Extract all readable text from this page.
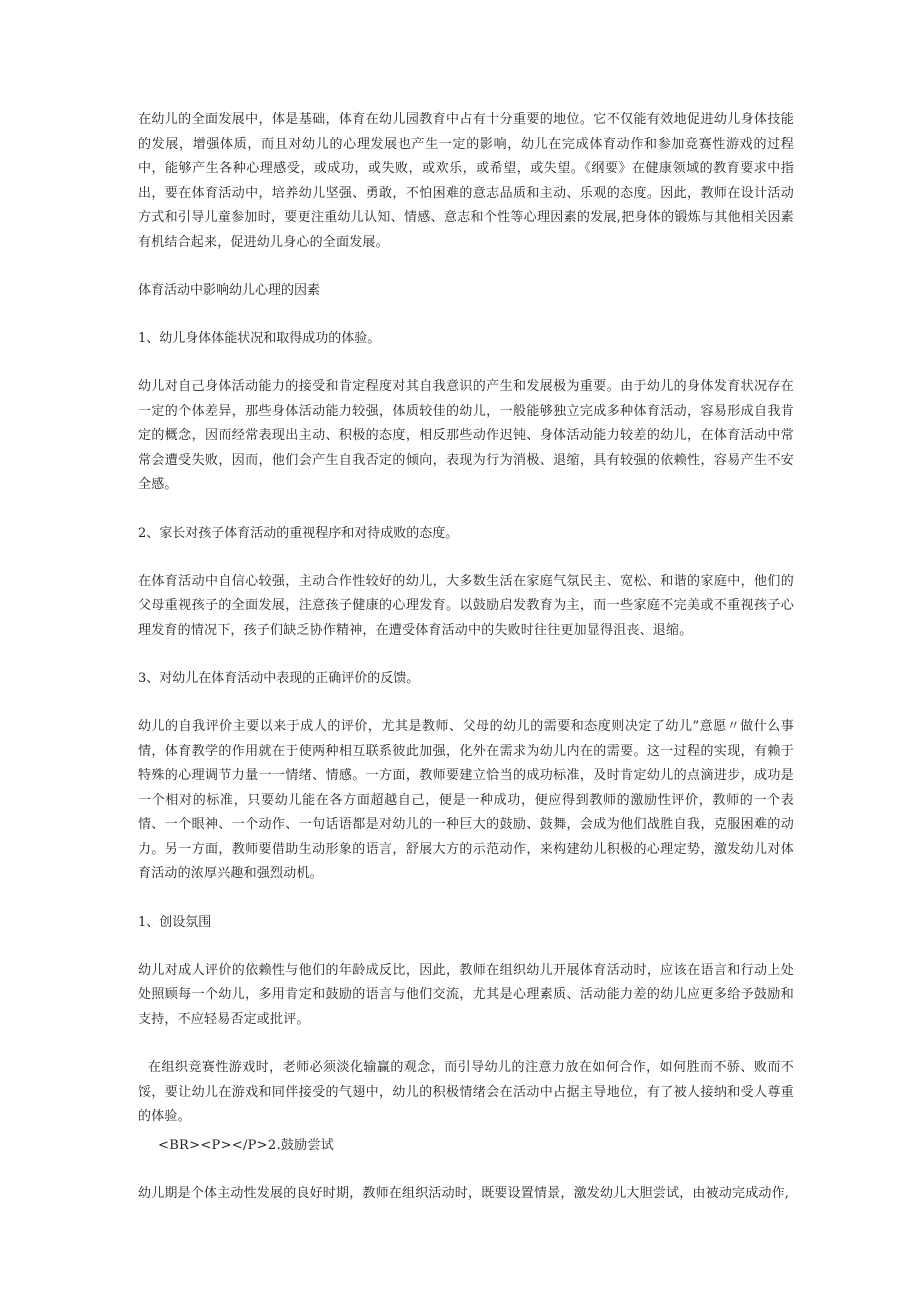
在幼儿的全面发展中，体是基础，体育在幼儿园教育中占有十分重要的地位。它不仅能有效地促进幼儿身体技能的发展，增强体质，而且对幼儿的心理发展也产生一定的影响，幼儿在完成体育动作和参加竞赛性游戏的过程中，能够产生各种心理感受，或成功，或失败，或欢乐，或希望，或失望。《纲要》在健康领域的教育要求中指出，要在体育活动中，培养幼儿坚强、勇敢，不怕困难的意志品质和主动、乐观的态度。因此，教师在设计活动方式和引导儿童参加时，要更注重幼儿认知、情感、意志和个性等心理因素的发展,把身体的锻炼与其他相关因素有机结合起来，促进幼儿身心的全面发展。

体育活动中影响幼儿心理的因素

1、幼儿身体体能状况和取得成功的体验。

幼儿对自己身体活动能力的接受和肯定程度对其自我意识的产生和发展极为重要。由于幼儿的身体发育状况存在一定的个体差异，那些身体活动能力较强，体质较佳的幼儿，一般能够独立完成多种体育活动，容易形成自我肯定的概念，因而经常表现出主动、积极的态度，相反那些动作迟钝、身体活动能力较差的幼儿，在体育活动中常常会遭受失败，因而，他们会产生自我否定的倾向，表现为行为消极、退缩，具有较强的依赖性，容易产生不安全感。

2、家长对孩子体育活动的重视程序和对待成败的态度。

在体育活动中自信心较强，主动合作性较好的幼儿，大多数生活在家庭气氛民主、宽松、和谐的家庭中，他们的父母重视孩子的全面发展，注意孩子健康的心理发育。以鼓励启发教育为主，而一些家庭不完美或不重视孩子心理发育的情况下，孩子们缺乏协作精神，在遭受体育活动中的失败时往往更加显得沮丧、退缩。

3、对幼儿在体育活动中表现的正确评价的反馈。

幼儿的自我评价主要以来于成人的评价，尤其是教师、父母的幼儿的需要和态度则决定了幼儿”意愿〃做什么事情，体育教学的作用就在于使两种相互联系彼此加强，化外在需求为幼儿内在的需要。这一过程的实现，有赖于特殊的心理调节力量一一情绪、情感。一方面，教师要建立恰当的成功标准，及时肯定幼儿的点滴进步，成功是一个相对的标准，只要幼儿能在各方面超越自己，便是一种成功，便应得到教师的激励性评价，教师的一个表情、一个眼神、一个动作、一句话语都是对幼儿的一种巨大的鼓励、鼓舞，会成为他们战胜自我，克服困难的动力。另一方面，教师要借助生动形象的语言，舒展大方的示范动作，来构建幼儿积极的心理定势，激发幼儿对体育活动的浓厚兴趣和强烈动机。

1、创设氛围

幼儿对成人评价的依赖性与他们的年龄成反比，因此，教师在组织幼儿开展体育活动时，应该在语言和行动上处处照顾每一个幼儿，多用肯定和鼓励的语言与他们交流，尤其是心理素质、活动能力差的幼儿应更多给予鼓励和支持，不应轻易否定或批评。

在组织竞赛性游戏时，老师必须淡化输赢的观念，而引导幼儿的注意力放在如何合作，如何胜而不骄、败而不馁，要让幼儿在游戏和同伴接受的气翅中，幼儿的积极情绪会在活动中占据主导地位，有了被人接纳和受人尊重的体验。

<BR><P></P>2.鼓励尝试

幼儿期是个体主动性发展的良好时期，教师在组织活动时，既要设置情景，激发幼儿大胆尝试，由被动完成动作,
